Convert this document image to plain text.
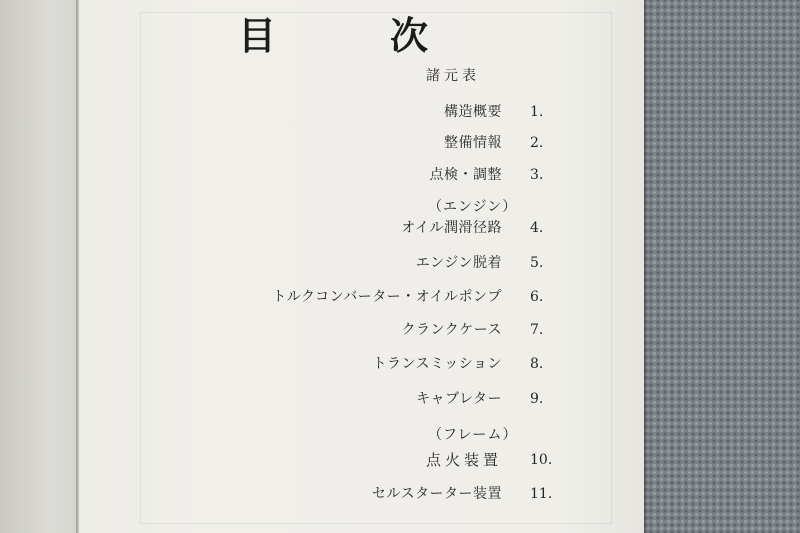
目	次
諸元表
構造概要 1.
整備情報 2.
点検・調整 3.
（エンジン）
オイル潤滑径路 4.
エンジン脱着 5.
トルクコンバーター・オイルポンプ 6.
クランクケース 7.
トランスミッション 8.
キャブレター 9.
（フレーム）
点火装置 10.
セルスターター装置 11.
